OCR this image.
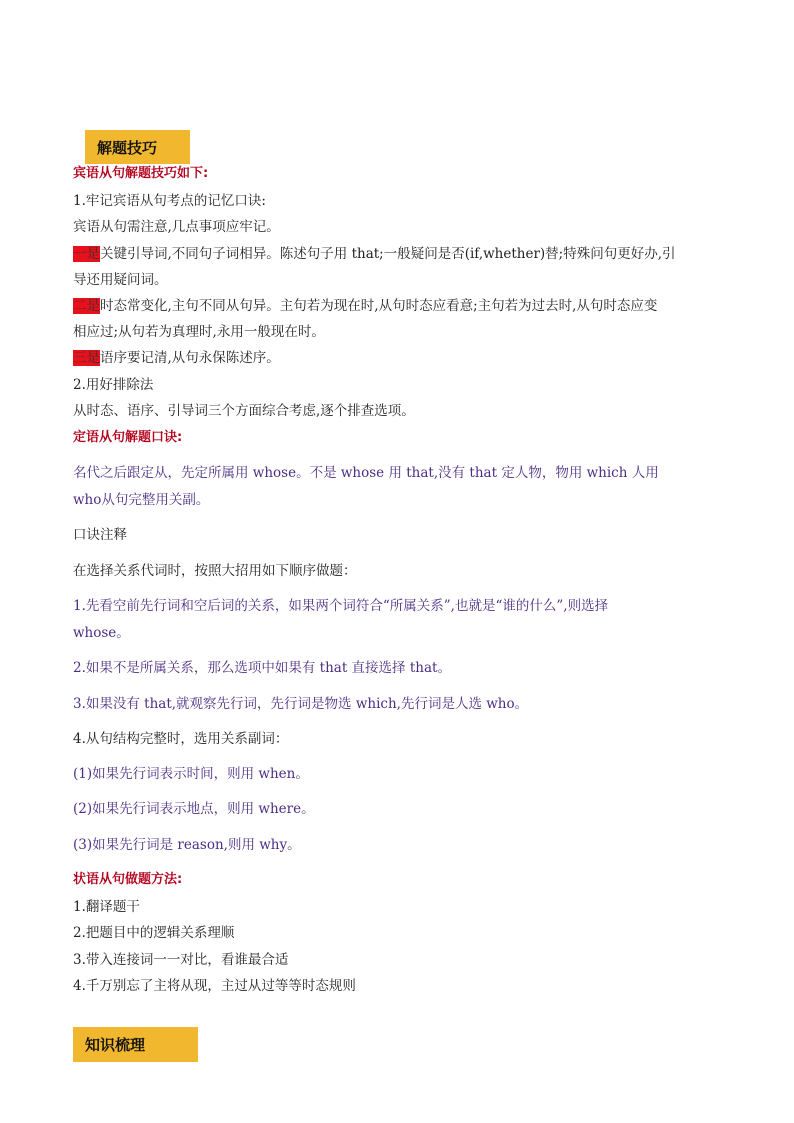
解题技巧
宾语从句解题技巧如下:
1.牢记宾语从句考点的记忆口诀:
宾语从句需注意,几点事项应牢记。
一是关键引导词,不同句子词相异。陈述句子用 that;一般疑问是否(if,whether)替;特殊问句更好办,引
导还用疑问词。
二是时态常变化,主句不同从句异。主句若为现在时,从句时态应看意;主句若为过去时,从句时态应变
相应过;从句若为真理时,永用一般现在时。
三是语序要记清,从句永保陈述序。
2.用好排除法
从时态、语序、引导词三个方面综合考虑,逐个排查选项。
定语从句解题口诀:
名代之后跟定从，先定所属用 whose。不是 whose 用 that,没有 that 定人物，物用 which 人用
who从句完整用关副。
口诀注释
在选择关系代词时，按照大招用如下顺序做题：
1.先看空前先行词和空后词的关系，如果两个词符合“所属关系”,也就是“谁的什么”,则选择
whose。
2.如果不是所属关系，那么选项中如果有 that 直接选择 that。
3.如果没有 that,就观察先行词，先行词是物选 which,先行词是人选 who。
4.从句结构完整时，选用关系副词：
(1)如果先行词表示时间，则用 when。
(2)如果先行词表示地点，则用 where。
(3)如果先行词是 reason,则用 why。
状语从句做题方法:
1.翻译题干
2.把题目中的逻辑关系理顺
3.带入连接词一一对比，看谁最合适
4.千万别忘了主将从现，主过从过等等时态规则
知识梳理
